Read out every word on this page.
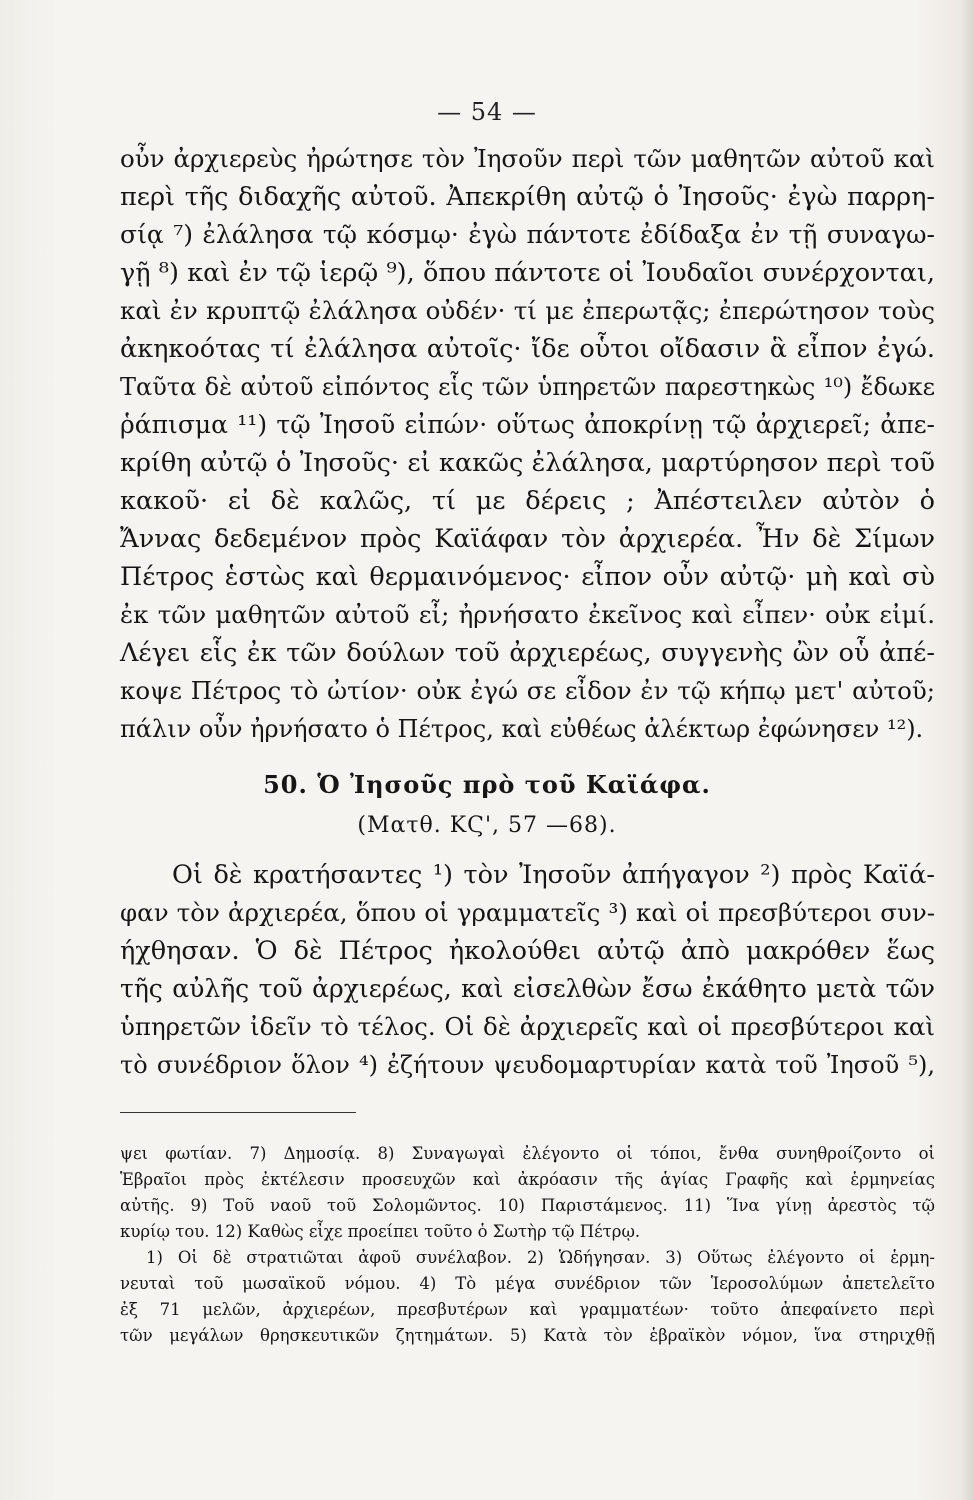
— 54 —
οὖν ἀρχιερεὺς ἠρώτησε τὸν Ἰησοῦν περὶ τῶν μαθητῶν αὐτοῦ καὶ
περὶ τῆς διδαχῆς αὐτοῦ. Ἀπεκρίθη αὐτῷ ὁ Ἰησοῦς· ἐγὼ παρρη-
σίᾳ ⁷) ἐλάλησα τῷ κόσμῳ· ἐγὼ πάντοτε ἐδίδαξα ἐν τῇ συναγω-
γῇ ⁸) καὶ ἐν τῷ ἱερῷ ⁹), ὅπου πάντοτε οἱ Ἰουδαῖοι συνέρχονται,
καὶ ἐν κρυπτῷ ἐλάλησα οὐδέν· τί με ἐπερωτᾷς; ἐπερώτησον τοὺς
ἀκηκοότας τί ἐλάλησα αὐτοῖς· ἴδε οὗτοι οἴδασιν ἃ εἶπον ἐγώ.
Ταῦτα δὲ αὐτοῦ εἰπόντος εἷς τῶν ὑπηρετῶν παρεστηκὼς ¹⁰) ἔδωκε
ῥάπισμα ¹¹) τῷ Ἰησοῦ εἰπών· οὕτως ἀποκρίνῃ τῷ ἀρχιερεῖ; ἀπε-
κρίθη αὐτῷ ὁ Ἰησοῦς· εἰ κακῶς ἐλάλησα, μαρτύρησον περὶ τοῦ
κακοῦ· εἰ δὲ καλῶς, τί με δέρεις ; Ἀπέστειλεν αὐτὸν ὁ
Ἄννας δεδεμένον πρὸς Καϊάφαν τὸν ἀρχιερέα. Ἦν δὲ Σίμων
Πέτρος ἑστὼς καὶ θερμαινόμενος· εἶπον οὖν αὐτῷ· μὴ καὶ σὺ
ἐκ τῶν μαθητῶν αὐτοῦ εἶ; ἠρνήσατο ἐκεῖνος καὶ εἶπεν· οὐκ εἰμί.
Λέγει εἷς ἐκ τῶν δούλων τοῦ ἀρχιερέως, συγγενὴς ὢν οὗ ἀπέ-
κοψε Πέτρος τὸ ὠτίον· οὐκ ἐγώ σε εἶδον ἐν τῷ κήπῳ μετ' αὐτοῦ;
πάλιν οὖν ἠρνήσατο ὁ Πέτρος, καὶ εὐθέως ἀλέκτωρ ἐφώνησεν ¹²).
50. Ὁ Ἰησοῦς πρὸ τοῦ Καϊάφα.
(Ματθ. ΚϚ', 57 —68).
Οἱ δὲ κρατήσαντες ¹) τὸν Ἰησοῦν ἀπήγαγον ²) πρὸς Καϊά-
φαν τὸν ἀρχιερέα, ὅπου οἱ γραμματεῖς ³) καὶ οἱ πρεσβύτεροι συν-
ήχθησαν. Ὁ δὲ Πέτρος ἠκολούθει αὐτῷ ἀπὸ μακρόθεν ἕως
τῆς αὐλῆς τοῦ ἀρχιερέως, καὶ εἰσελθὼν ἔσω ἐκάθητο μετὰ τῶν
ὑπηρετῶν ἰδεῖν τὸ τέλος. Οἱ δὲ ἀρχιερεῖς καὶ οἱ πρεσβύτεροι καὶ
τὸ συνέδριον ὅλον ⁴) ἐζήτουν ψευδομαρτυρίαν κατὰ τοῦ Ἰησοῦ ⁵),
ψει φωτίαν. 7) Δημοσίᾳ. 8) Συναγωγαὶ ἐλέγοντο οἱ τόποι, ἔνθα συνηθροίζοντο οἱ
Ἑβραῖοι πρὸς ἐκτέλεσιν προσευχῶν καὶ ἀκρόασιν τῆς ἁγίας Γραφῆς καὶ ἑρμηνείας
αὐτῆς. 9) Τοῦ ναοῦ τοῦ Σολομῶντος. 10) Παριστάμενος. 11) Ἵνα γίνῃ ἀρεστὸς τῷ
κυρίῳ του. 12) Καθὼς εἶχε προείπει τοῦτο ὁ Σωτὴρ τῷ Πέτρῳ.
1) Οἱ δὲ στρατιῶται ἀφοῦ συνέλαβον. 2) Ὡδήγησαν. 3) Οὕτως ἐλέγοντο οἱ ἑρμη-
νευταὶ τοῦ μωσαϊκοῦ νόμου. 4) Τὸ μέγα συνέδριον τῶν Ἱεροσολύμων ἀπετελεῖτο
ἐξ 71 μελῶν, ἀρχιερέων, πρεσβυτέρων καὶ γραμματέων· τοῦτο ἀπεφαίνετο περὶ
τῶν μεγάλων θρησκευτικῶν ζητημάτων. 5) Κατὰ τὸν ἑβραϊκὸν νόμον, ἵνα στηριχθῇ
